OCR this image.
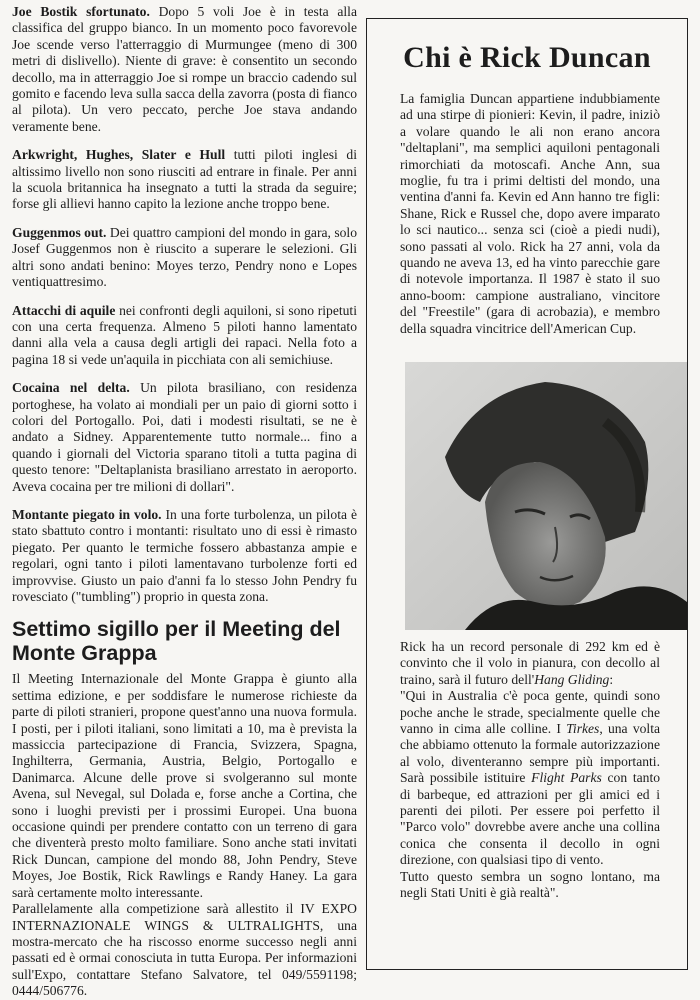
Joe Bostik sfortunato. Dopo 5 voli Joe è in testa alla classifica del gruppo bianco. In un momento poco favorevole Joe scende verso l'atterraggio di Murmungee (meno di 300 metri di dislivello). Niente di grave: è consentito un secondo decollo, ma in atterraggio Joe si rompe un braccio cadendo sul gomito e facendo leva sulla sacca della zavorra (posta di fianco al pilota). Un vero peccato, perche Joe stava andando veramente bene.

Arkwright, Hughes, Slater e Hull tutti piloti inglesi di altissimo livello non sono riusciti ad entrare in finale. Per anni la scuola britannica ha insegnato a tutti la strada da seguire; forse gli allievi hanno capito la lezione anche troppo bene.

Guggenmos out. Dei quattro campioni del mondo in gara, solo Josef Guggenmos non è riuscito a superare le selezioni. Gli altri sono andati benino: Moyes terzo, Pendry nono e Lopes ventiquattresimo.

Attacchi di aquile nei confronti degli aquiloni, si sono ripetuti con una certa frequenza. Almeno 5 piloti hanno lamentato danni alla vela a causa degli artigli dei rapaci. Nella foto a pagina 18 si vede un'aquila in picchiata con ali semichiuse.

Cocaina nel delta. Un pilota brasiliano, con residenza portoghese, ha volato ai mondiali per un paio di giorni sotto i colori del Portogallo. Poi, dati i modesti risultati, se ne è andato a Sidney. Apparentemente tutto normale... fino a quando i giornali del Victoria sparano titoli a tutta pagina di questo tenore: "Deltaplanista brasiliano arrestato in aeroporto. Aveva cocaina per tre milioni di dollari".

Montante piegato in volo. In una forte turbolenza, un pilota è stato sbattuto contro i montanti: risultato uno di essi è rimasto piegato. Per quanto le termiche fossero abbastanza ampie e regolari, ogni tanto i piloti lamentavano turbolenze forti ed improvvise. Giusto un paio d'anni fa lo stesso John Pendry fu rovesciato ("tumbling") proprio in questa zona.

Settimo sigillo per il Meeting del Monte Grappa

Il Meeting Internazionale del Monte Grappa è giunto alla settima edizione, e per soddisfare le numerose richieste da parte di piloti stranieri, propone quest'anno una nuova formula. I posti, per i piloti italiani, sono limitati a 10, ma è prevista la massiccia partecipazione di Francia, Svizzera, Spagna, Inghilterra, Germania, Austria, Belgio, Portogallo e Danimarca. Alcune delle prove si svolgeranno sul monte Avena, sul Nevegal, sul Dolada e, forse anche a Cortina, che sono i luoghi previsti per i prossimi Europei. Una buona occasione quindi per prendere contatto con un terreno di gara che diventerà presto molto familiare. Sono anche stati invitati Rick Duncan, campione del mondo 88, John Pendry, Steve Moyes, Joe Bostik, Rick Rawlings e Randy Haney. La gara sarà certamente molto interessante.

Parallelamente alla competizione sarà allestito il IV EXPO INTERNAZIONALE WINGS & ULTRALIGHTS, una mostra-mercato che ha riscosso enorme successo negli anni passati ed è ormai conosciuta in tutta Europa. Per informazioni sull'Expo, contattare Stefano Salvatore, tel 049/5591198; 0444/506776.

Chi è Rick Duncan
La famiglia Duncan appartiene indubbiamente ad una stirpe di pionieri: Kevin, il padre, iniziò a volare quando le ali non erano ancora "deltaplani", ma semplici aquiloni pentagonali rimorchiati da motoscafi. Anche Ann, sua moglie, fu tra i primi deltisti del mondo, una ventina d'anni fa. Kevin ed Ann hanno tre figli: Shane, Rick e Russel che, dopo avere imparato lo sci nautico... senza sci (cioè a piedi nudi), sono passati al volo. Rick ha 27 anni, vola da quando ne aveva 13, ed ha vinto parecchie gare di notevole importanza. Il 1987 è stato il suo anno-boom: campione australiano, vincitore del "Freestile" (gara di acrobazia), e membro della squadra vincitrice dell'American Cup.
Rick ha un record personale di 292 km ed è convinto che il volo in pianura, con decollo al traino, sarà il futuro dell'Hang Gliding:
"Qui in Australia c'è poca gente, quindi sono poche anche le strade, specialmente quelle che vanno in cima alle colline. I Tirkes, una volta che abbiamo ottenuto la formale autorizzazione al volo, diventeranno sempre più importanti. Sarà possibile istituire Flight Parks con tanto di barbeque, ed attrazioni per gli amici ed i parenti dei piloti. Per essere poi perfetto il "Parco volo" dovrebbe avere anche una collina conica che consenta il decollo in ogni direzione, con qualsiasi tipo di vento.
Tutto questo sembra un sogno lontano, ma negli Stati Uniti è già realtà".
